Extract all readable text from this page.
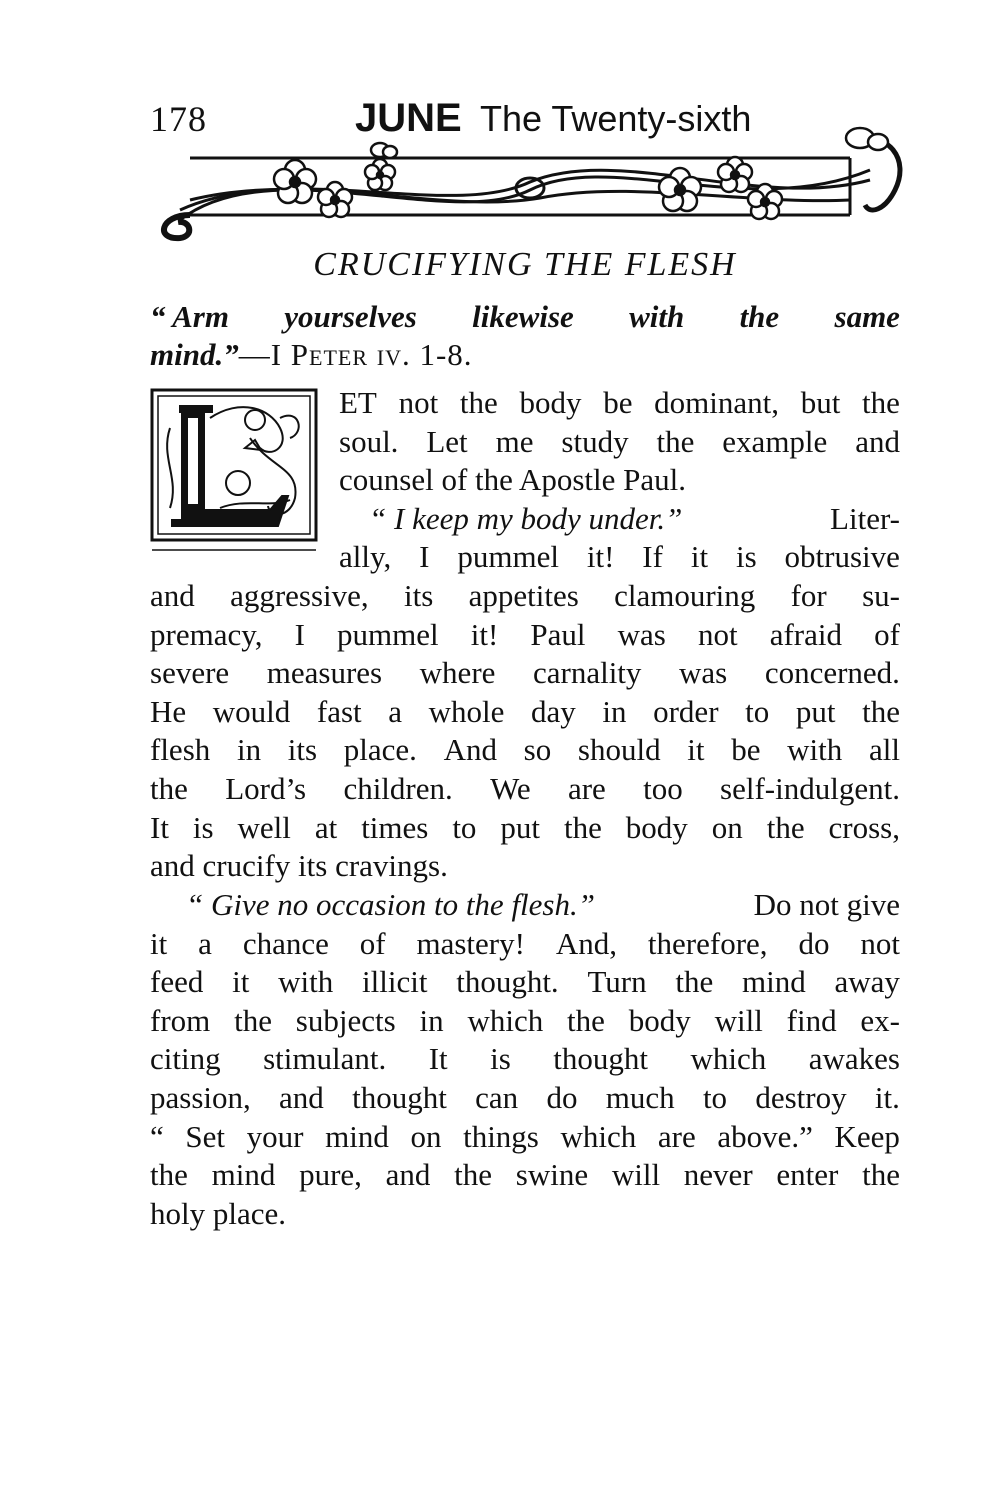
178	JUNE The Twenty-sixth
CRUCIFYING THE FLESH
“ Arm yourselves likewise with the same
mind.”—I Peter iv. 1-8.
ET not the body be dominant, but the
soul. Let me study the example and
counsel of the Apostle Paul.
“ I keep my body under.”	Liter-
ally, I pummel it! If it is obtrusive
and aggressive, its appetites clamouring for su-
premacy, I pummel it! Paul was not afraid of
severe measures where carnality was concerned.
He would fast a whole day in order to put the
flesh in its place. And so should it be with all
the Lord’s children. We are too self-indulgent.
It is well at times to put the body on the cross,
and crucify its cravings.
“ Give no occasion to the flesh.”	Do not give
it a chance of mastery! And, therefore, do not
feed it with illicit thought. Turn the mind away
from the subjects in which the body will find ex-
citing stimulant. It is thought which awakes
passion, and thought can do much to destroy it.
“ Set your mind on things which are above.” Keep
the mind pure, and the swine will never enter the
holy place.
